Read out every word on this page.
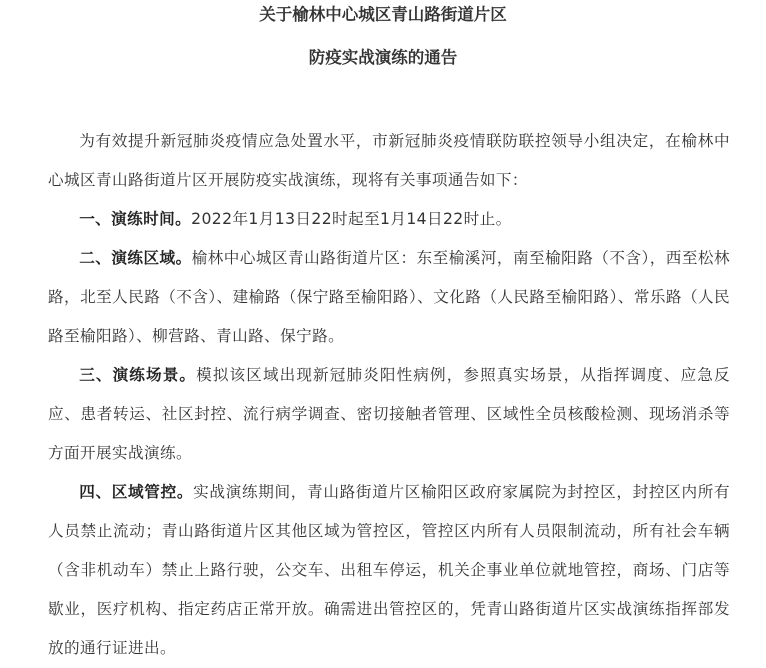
关于榆林中心城区青山路街道片区
防疫实战演练的通告

为有效提升新冠肺炎疫情应急处置水平，市新冠肺炎疫情联防联控领导小组决定，在榆林中心城区青山路街道片区开展防疫实战演练，现将有关事项通告如下：

一、演练时间。2022年1月13日22时起至1月14日22时止。

二、演练区域。榆林中心城区青山路街道片区：东至榆溪河，南至榆阳路（不含），西至松林路，北至人民路（不含）、建榆路（保宁路至榆阳路）、文化路（人民路至榆阳路）、常乐路（人民路至榆阳路）、柳营路、青山路、保宁路。

三、演练场景。模拟该区域出现新冠肺炎阳性病例，参照真实场景，从指挥调度、应急反应、患者转运、社区封控、流行病学调查、密切接触者管理、区域性全员核酸检测、现场消杀等方面开展实战演练。

四、区域管控。实战演练期间，青山路街道片区榆阳区政府家属院为封控区，封控区内所有人员禁止流动；青山路街道片区其他区域为管控区，管控区内所有人员限制流动，所有社会车辆（含非机动车）禁止上路行驶，公交车、出租车停运，机关企事业单位就地管控，商场、门店等歇业，医疗机构、指定药店正常开放。确需进出管控区的，凭青山路街道片区实战演练指挥部发放的通行证进出。
